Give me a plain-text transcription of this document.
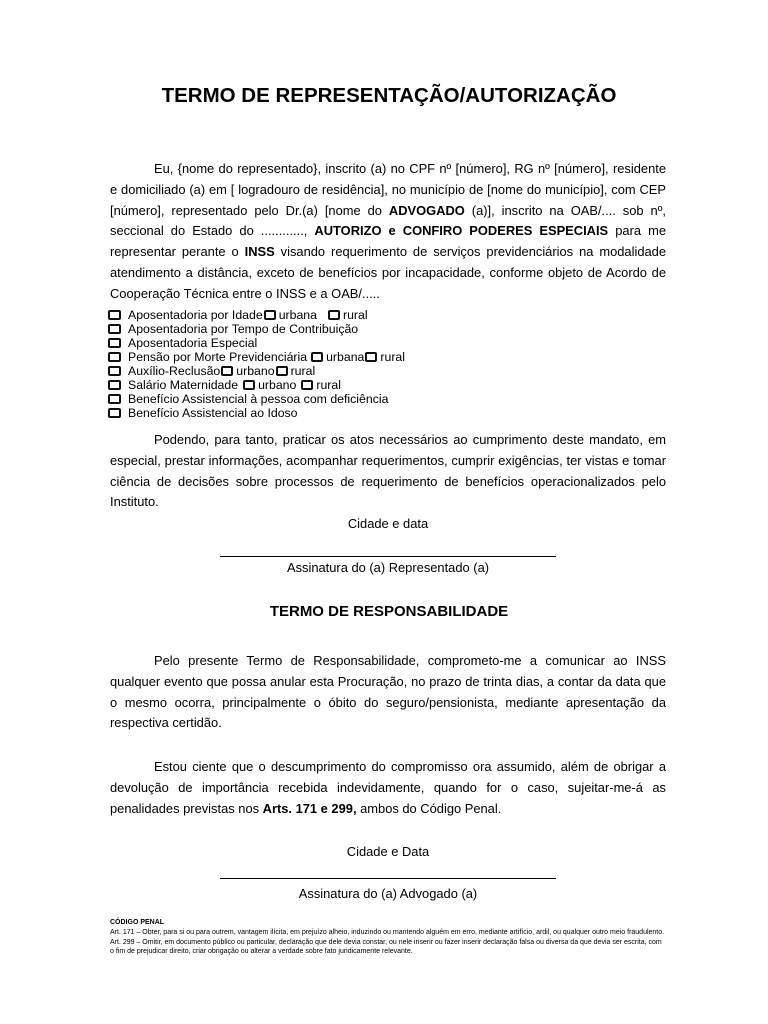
TERMO DE REPRESENTAÇÃO/AUTORIZAÇÃO
Eu, {nome do representado}, inscrito (a) no CPF nº [número], RG nº [número], residente e domiciliado (a) em [ logradouro de residência], no município de [nome do município], com CEP [número], representado pelo Dr.(a) [nome do ADVOGADO (a)], inscrito na OAB/.... sob nº, seccional do Estado do ............, AUTORIZO e CONFIRO PODERES ESPECIAIS para me representar perante o INSS visando requerimento de serviços previdenciários na modalidade atendimento a distância, exceto de benefícios por incapacidade, conforme objeto de Acordo de Cooperação Técnica entre o INSS e a OAB/.....
Aposentadoria por Idade urbana rural
Aposentadoria por Tempo de Contribuição
Aposentadoria Especial
Pensão por Morte Previdenciária urbana rural
Auxílio-Reclusão urbano rural
Salário Maternidade urbano rural
Benefício Assistencial à pessoa com deficiência
Benefício Assistencial ao Idoso
Podendo, para tanto, praticar os atos necessários ao cumprimento deste mandato, em especial, prestar informações, acompanhar requerimentos, cumprir exigências, ter vistas e tomar ciência de decisões sobre processos de requerimento de benefícios operacionalizados pelo Instituto.
Cidade e data
Assinatura do (a) Representado (a)
TERMO DE RESPONSABILIDADE
Pelo presente Termo de Responsabilidade, comprometo-me a comunicar ao INSS qualquer evento que possa anular esta Procuração, no prazo de trinta dias, a contar da data que o mesmo ocorra, principalmente o óbito do seguro/pensionista, mediante apresentação da respectiva certidão.
Estou ciente que o descumprimento do compromisso ora assumido, além de obrigar a devolução de importância recebida indevidamente, quando for o caso, sujeitar-me-á as penalidades previstas nos Arts. 171 e 299, ambos do Código Penal.
Cidade e Data
Assinatura do (a) Advogado (a)
CÓDIGO PENAL
Art. 171 – Obter, para si ou para outrem, vantagem ilícita, em prejuízo alheio, induzindo ou mantendo alguém em erro, mediante artifício, ardil, ou qualquer outro meio fraudulento.
Art. 299 – Omitir, em documento público ou particular, declaração que dele devia constar, ou nele inserir ou fazer inserir declaração falsa ou diversa da que devia ser escrita, com o fim de prejudicar direito, criar obrigação ou alterar a verdade sobre fato juridicamente relevante.
